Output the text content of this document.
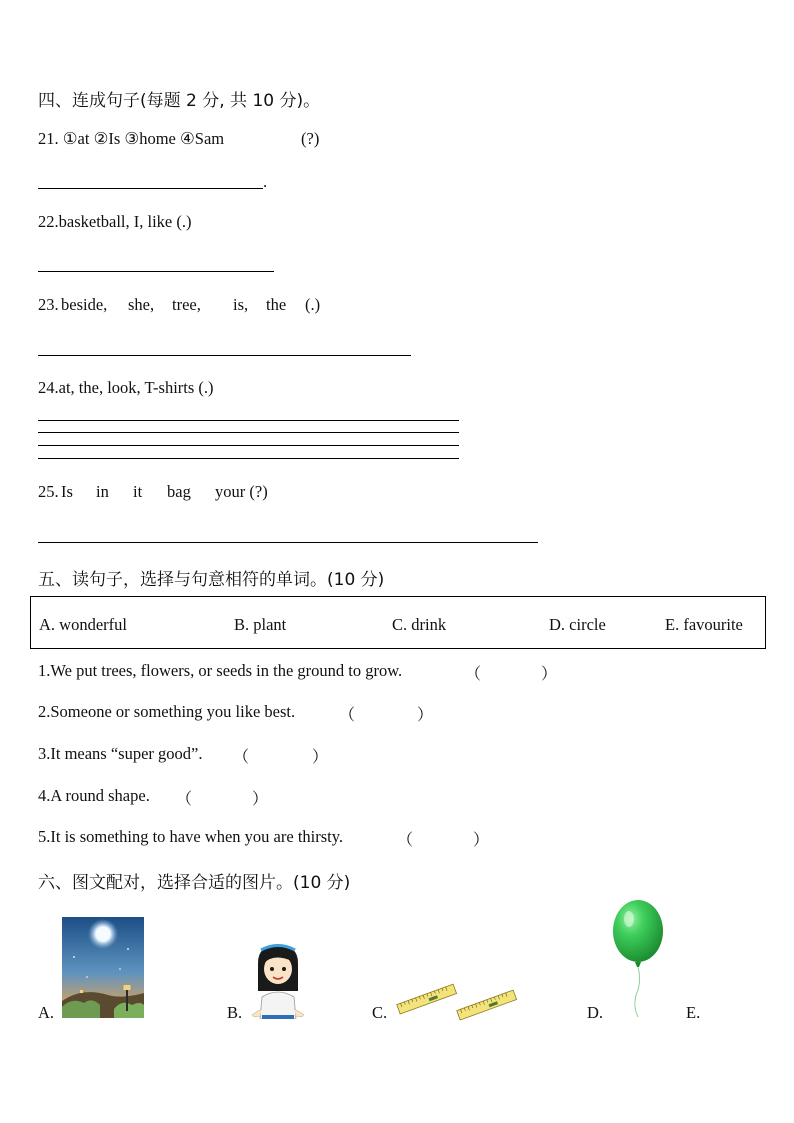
四、连成句子(每题 2 分, 共 10 分)。
21. ①at ②Is ③home ④Sam	(?)
.
22.basketball, I, like (.)
23. beside, she, tree, is, the (.)
24.at, the, look, T-shirts (.)
25. Is in it bag your (?)
五、读句子，选择与句意相符的单词。(10 分)
A. wonderful	B. plant	C. drink	D. circle	E. favourite
1.We put trees, flowers, or seeds in the ground to grow.	（	）
2.Someone or something you like best.	（	）
3.It means “super good”. （	）
4.A round shape. （	）
5.It is something to have when you are thirsty.	（	）
六、图文配对，选择合适的图片。(10 分)
A.	B.	C.	D.	E.
